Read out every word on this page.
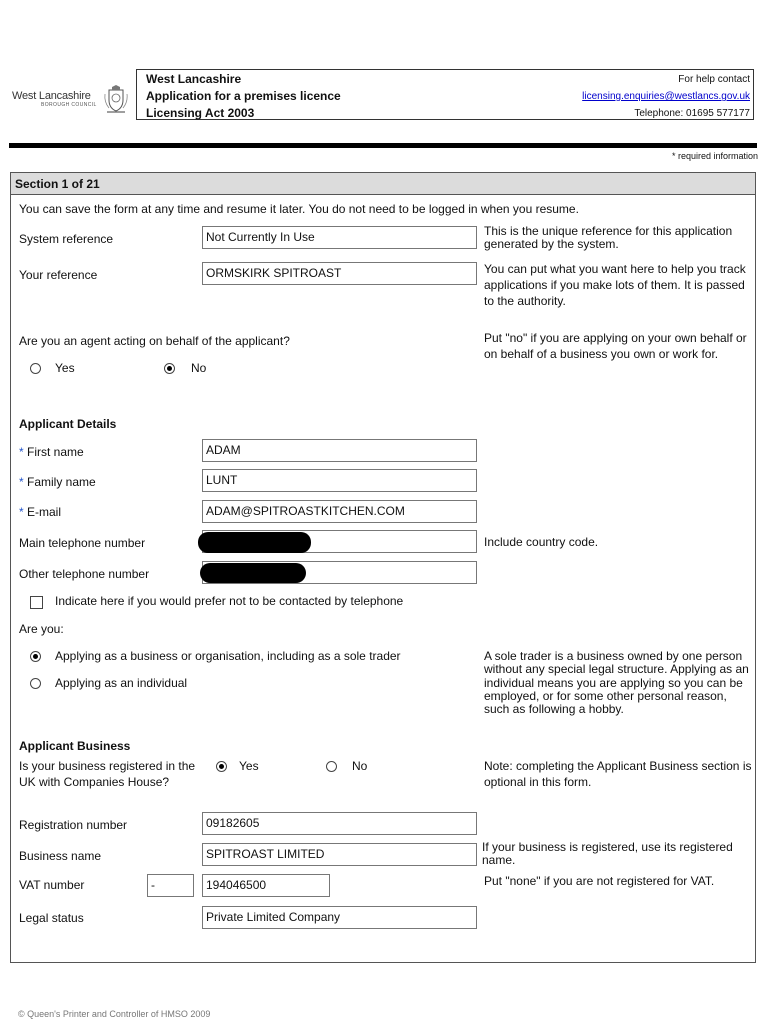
West Lancashire
BOROUGH COUNCIL
West Lancashire
Application for a premises licence
Licensing Act 2003
For help contact
licensing.enquiries@westlancs.gov.uk
Telephone: 01695 577177
* required information
Section 1 of 21
You can save the form at any time and resume it later. You do not need to be logged in when you resume.
System reference	Not Currently In Use	This is the unique reference for this application generated by the system.
Your reference	ORMSKIRK SPITROAST	You can put what you want here to help you track applications if you make lots of them. It is passed to the authority.
Are you an agent acting on behalf of the applicant?
Yes	No
Put "no" if you are applying on your own behalf or on behalf of a business you own or work for.
Applicant Details
* First name	ADAM
* Family name	LUNT
* E-mail	ADAM@SPITROASTKITCHEN.COM
Main telephone number	Include country code.
Other telephone number
Indicate here if you would prefer not to be contacted by telephone
Are you:
Applying as a business or organisation, including as a sole trader
Applying as an individual
A sole trader is a business owned by one person without any special legal structure. Applying as an individual means you are applying so you can be employed, or for some other personal reason, such as following a hobby.
Applicant Business
Is your business registered in the UK with Companies House?
Yes	No	Note: completing the Applicant Business section is optional in this form.
Registration number	09182605
Business name	SPITROAST LIMITED	If your business is registered, use its registered name.
VAT number	-	194046500	Put "none" if you are not registered for VAT.
Legal status	Private Limited Company
© Queen's Printer and Controller of HMSO 2009
